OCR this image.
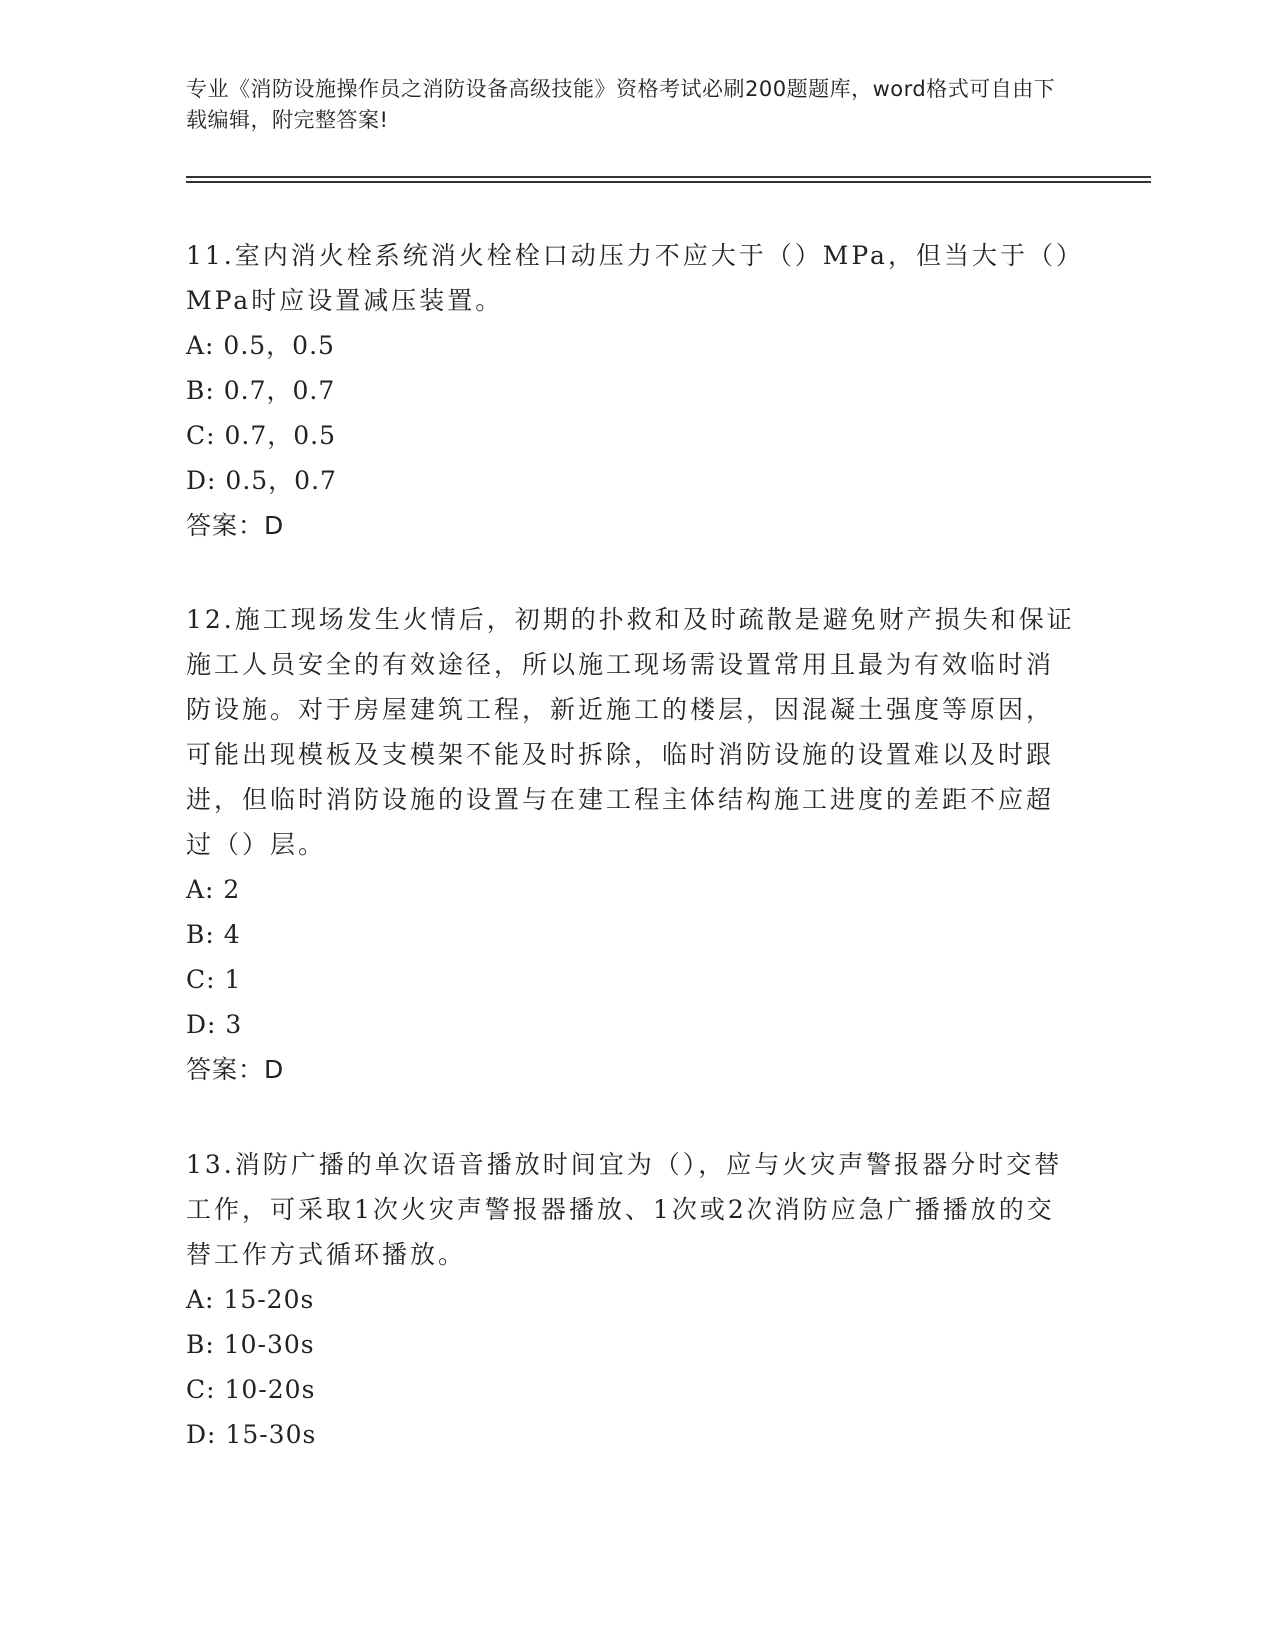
专业《消防设施操作员之消防设备高级技能》资格考试必刷200题题库，word格式可自由下载编辑，附完整答案!

11.室内消火栓系统消火栓栓口动压力不应大于（）MPa，但当大于（）MPa时应设置减压装置。

A: 0.5，0.5

B: 0.7，0.7

C: 0.7，0.5

D: 0.5，0.7

答案：D

12.施工现场发生火情后，初期的扑救和及时疏散是避免财产损失和保证施工人员安全的有效途径，所以施工现场需设置常用且最为有效临时消防设施。对于房屋建筑工程，新近施工的楼层，因混凝土强度等原因，可能出现模板及支模架不能及时拆除，临时消防设施的设置难以及时跟进，但临时消防设施的设置与在建工程主体结构施工进度的差距不应超过（）层。

A: 2

B: 4

C: 1

D: 3

答案：D

13.消防广播的单次语音播放时间宜为（），应与火灾声警报器分时交替工作，可采取1次火灾声警报器播放、1次或2次消防应急广播播放的交替工作方式循环播放。

A: 15-20s

B: 10-30s

C: 10-20s

D: 15-30s
